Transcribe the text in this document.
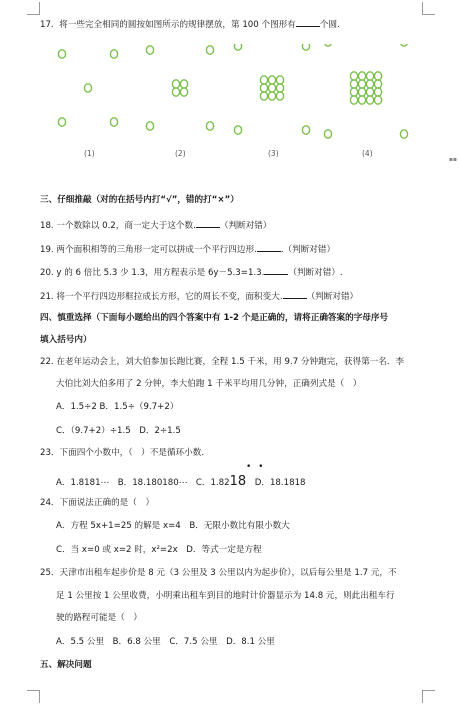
17. 将一些完全相同的圆按如图所示的规律摆放，第 100 个图形有	个圆.
(1)	(2)	(3)	(4)
▪▪
三、仔细推敲（对的在括号内打“√”，错的打“×”）
18. 一个数除以 0.2，商一定大于这个数.	（判断对错）
19. 两个面积相等的三角形一定可以拼成一个平行四边形.	.（判断对错）
20. y 的 6 倍比 5.3 少 1.3，用方程表示是 6y－5.3=1.3.	（判断对错）.
21. 将一个平行四边形框拉成长方形，它的周长不变，面积变大.	（判断对错）
四、慎重选择（下面每小题给出的四个答案中有 1-2 个是正确的，请将正确答案的字母序号
填入括号内）
22. 在老年运动会上，刘大伯参加长跑比赛，全程 1.5 千米，用 9.7 分钟跑完，获得第一名．李
大伯比刘大伯多用了 2 分钟，李大伯跑 1 千米平均用几分钟，正确列式是（　）
A．1.5÷2 B．1.5÷（9.7+2）
C．（9.7+2）÷1.5　D．2÷1.5
23．下面四个小数中，（　）不是循环小数．
• •
A．1.8181⋯　B．18.180180⋯　C．1.8218　D．18.1818
24．下面说法正确的是（　）
A．方程 5x+1=25 的解是 x=4　B．无限小数比有限小数大
C．当 x=0 或 x=2 时，x²=2x　D．等式一定是方程
25．天津市出租车起步价是 8 元（3 公里及 3 公里以内为起步价），以后每公里是 1.7 元，不
足 1 公里按 1 公里收费，小明乘出租车到目的地时计价器显示为 14.8 元，则此出租车行
驶的路程可能是（　）
A．5.5 公里　B．6.8 公里　C．7.5 公里　D．8.1 公里
五、解决问题
